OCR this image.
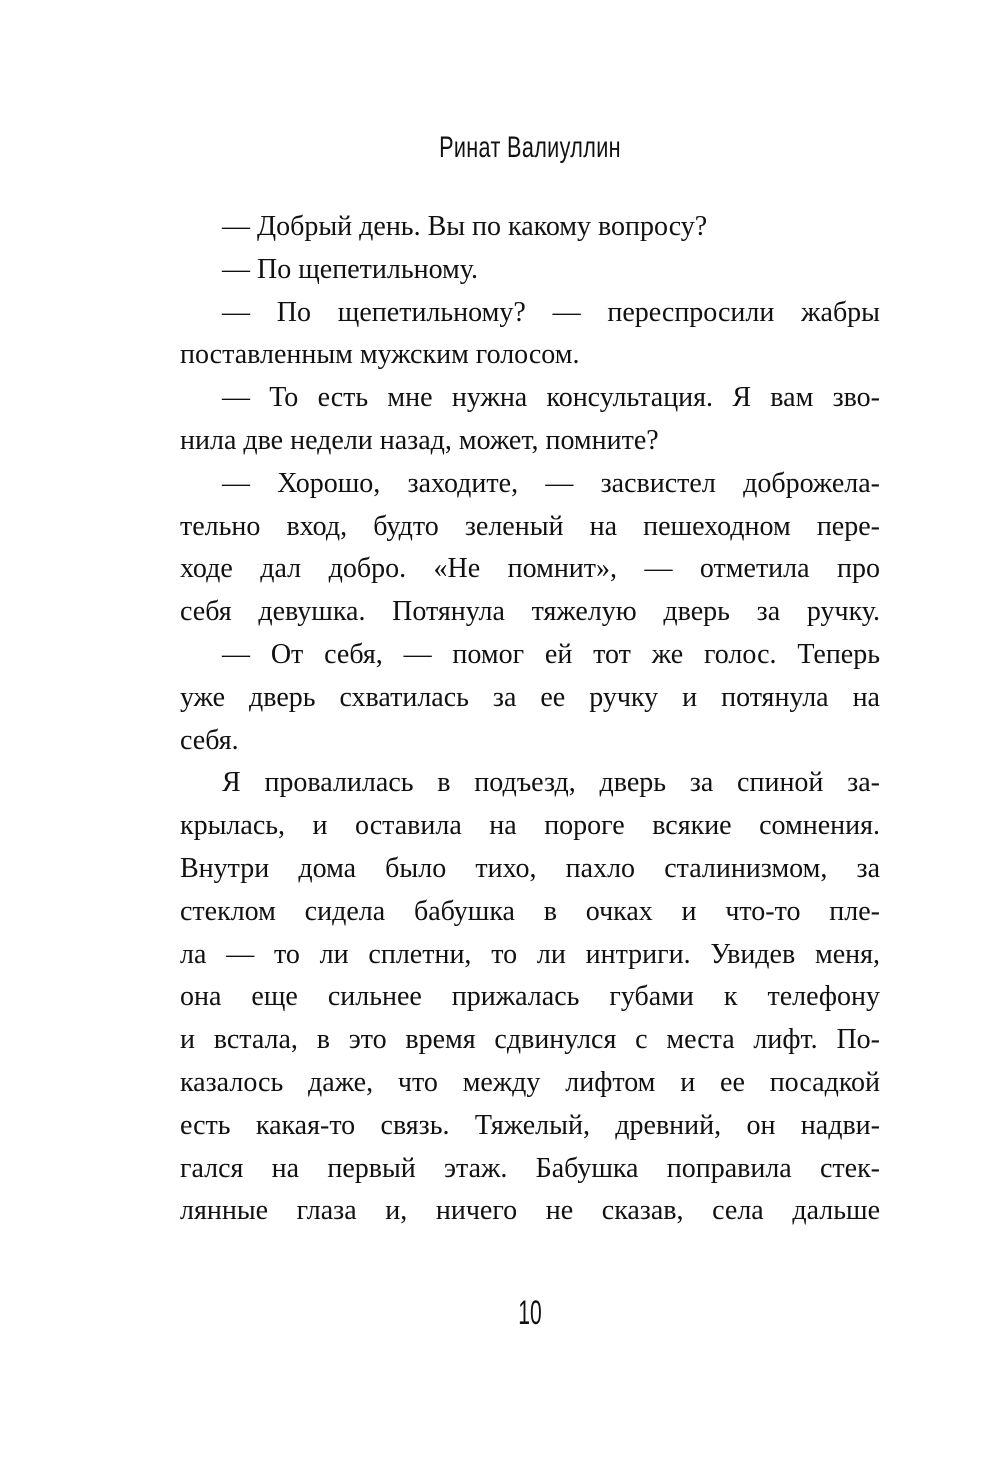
Ринат Валиуллин
— Добрый день. Вы по какому вопросу?
— По щепетильному.
— По щепетильному? — переспросили жабры
поставленным мужским голосом.
— То есть мне нужна консультация. Я вам зво-
нила две недели назад, может, помните?
— Хорошо, заходите, — засвистел доброжела-
тельно вход, будто зеленый на пешеходном пере-
ходе дал добро. «Не помнит», — отметила про
себя девушка. Потянула тяжелую дверь за ручку.
— От себя, — помог ей тот же голос. Теперь
уже дверь схватилась за ее ручку и потянула на
себя.
Я провалилась в подъезд, дверь за спиной за-
крылась, и оставила на пороге всякие сомнения.
Внутри дома было тихо, пахло сталинизмом, за
стеклом сидела бабушка в очках и что-то пле-
ла — то ли сплетни, то ли интриги. Увидев меня,
она еще сильнее прижалась губами к телефону
и встала, в это время сдвинулся с места лифт. По-
казалось даже, что между лифтом и ее посадкой
есть какая-то связь. Тяжелый, древний, он надви-
гался на первый этаж. Бабушка поправила стек-
лянные глаза и, ничего не сказав, села дальше
10
